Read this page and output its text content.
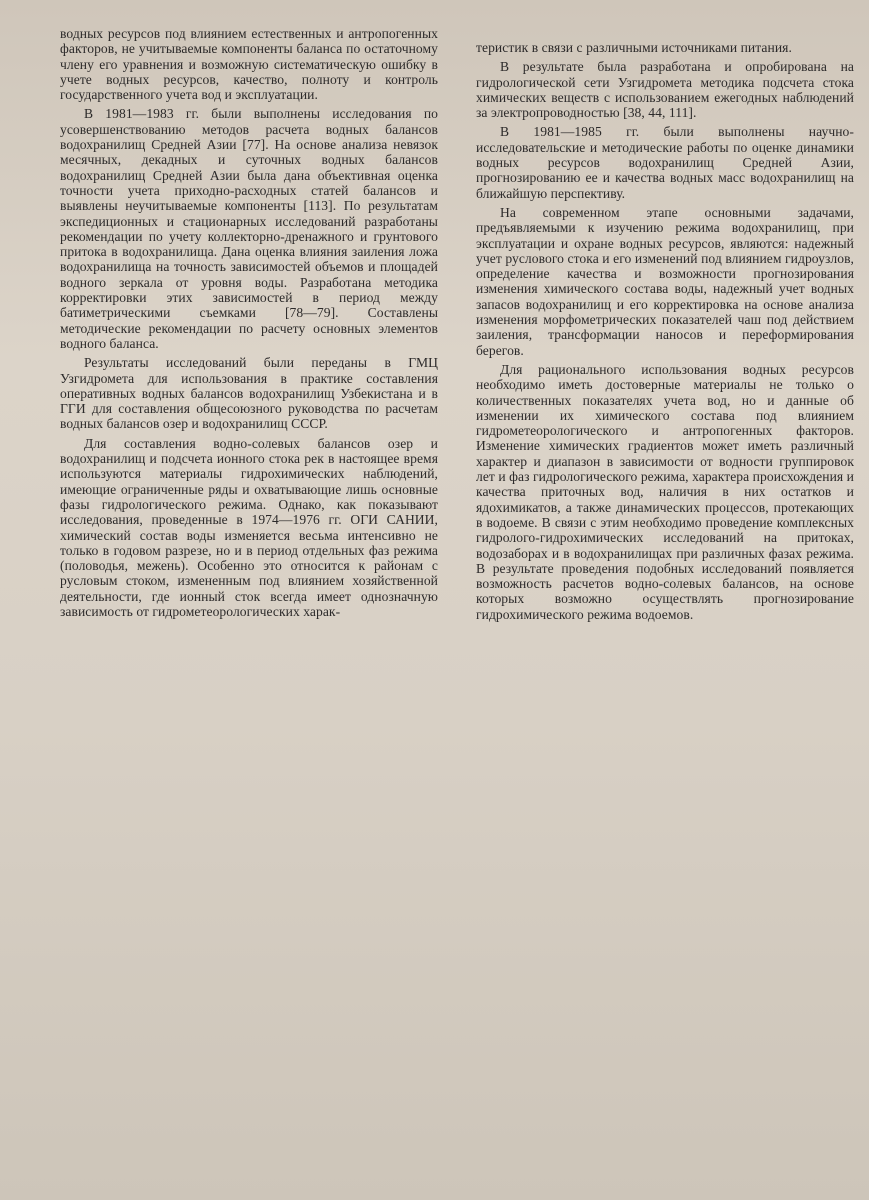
водных ресурсов под влиянием естественных и антропогенных факторов, не учитываемые компоненты баланса по остаточному члену его уравнения и возможную систематическую ошибку в учете водных ресурсов, качество, полноту и контроль государственного учета вод и эксплуатации.

В 1981—1983 гг. были выполнены исследования по усовершенствованию методов расчета водных балансов водохранилищ Средней Азии [77]. На основе анализа невязок месячных, декадных и суточных водных балансов водохранилищ Средней Азии была дана объективная оценка точности учета приходно-расходных статей балансов и выявлены неучитываемые компоненты [113]. По результатам экспедиционных и стационарных исследований разработаны рекомендации по учету коллекторно-дренажного и грунтового притока в водохранилища. Дана оценка влияния заиления ложа водохранилища на точность зависимостей объемов и площадей водного зеркала от уровня воды. Разработана методика корректировки этих зависимостей в период между батиметрическими съемками [78—79]. Составлены методические рекомендации по расчету основных элементов водного баланса.

Результаты исследований были переданы в ГМЦ Узгидромета для использования в практике составления оперативных водных балансов водохранилищ Узбекистана и в ГГИ для составления общесоюзного руководства по расчетам водных балансов озер и водохранилищ СССР.

Для составления водно-солевых балансов озер и водохранилищ и подсчета ионного стока рек в настоящее время используются материалы гидрохимических наблюдений, имеющие ограниченные ряды и охватывающие лишь основные фазы гидрологического режима. Однако, как показывают исследования, проведенные в 1974—1976 гг. ОГИ САНИИ, химический состав воды изменяется весьма интенсивно не только в годовом разрезе, но и в период отдельных фаз режима (половодья, межень). Особенно это относится к районам с русловым стоком, измененным под влиянием хозяйственной деятельности, где ионный сток всегда имеет однозначную зависимость от гидрометеорологических харак-

теристик в связи с различными источниками питания.

В результате была разработана и опробирована на гидрологической сети Узгидромета методика подсчета стока химических веществ с использованием ежегодных наблюдений за электропроводностью [38, 44, 111].

В 1981—1985 гг. были выполнены научно-исследовательские и методические работы по оценке динамики водных ресурсов водохранилищ Средней Азии, прогнозированию ее и качества водных масс водохранилищ на ближайшую перспективу.

На современном этапе основными задачами, предъявляемыми к изучению режима водохранилищ, при эксплуатации и охране водных ресурсов, являются: надежный учет руслового стока и его изменений под влиянием гидроузлов, определение качества и возможности прогнозирования изменения химического состава воды, надежный учет водных запасов водохранилищ и его корректировка на основе анализа изменения морфометрических показателей чаш под действием заиления, трансформации наносов и переформирования берегов.

Для рационального использования водных ресурсов необходимо иметь достоверные материалы не только о количественных показателях учета вод, но и данные об изменении их химического состава под влиянием гидрометеорологического и антропогенных факторов. Изменение химических градиентов может иметь различный характер и диапазон в зависимости от водности группировок лет и фаз гидрологического режима, характера происхождения и качества приточных вод, наличия в них остатков и ядохимикатов, а также динамических процессов, протекающих в водоеме. В связи с этим необходимо проведение комплексных гидролого-гидрохимических исследований на притоках, водозаборах и в водохранилищах при различных фазах режима. В результате проведения подобных исследований появляется возможность расчетов водно-солевых балансов, на основе которых возможно осуществлять прогнозирование гидрохимического режима водоемов.
